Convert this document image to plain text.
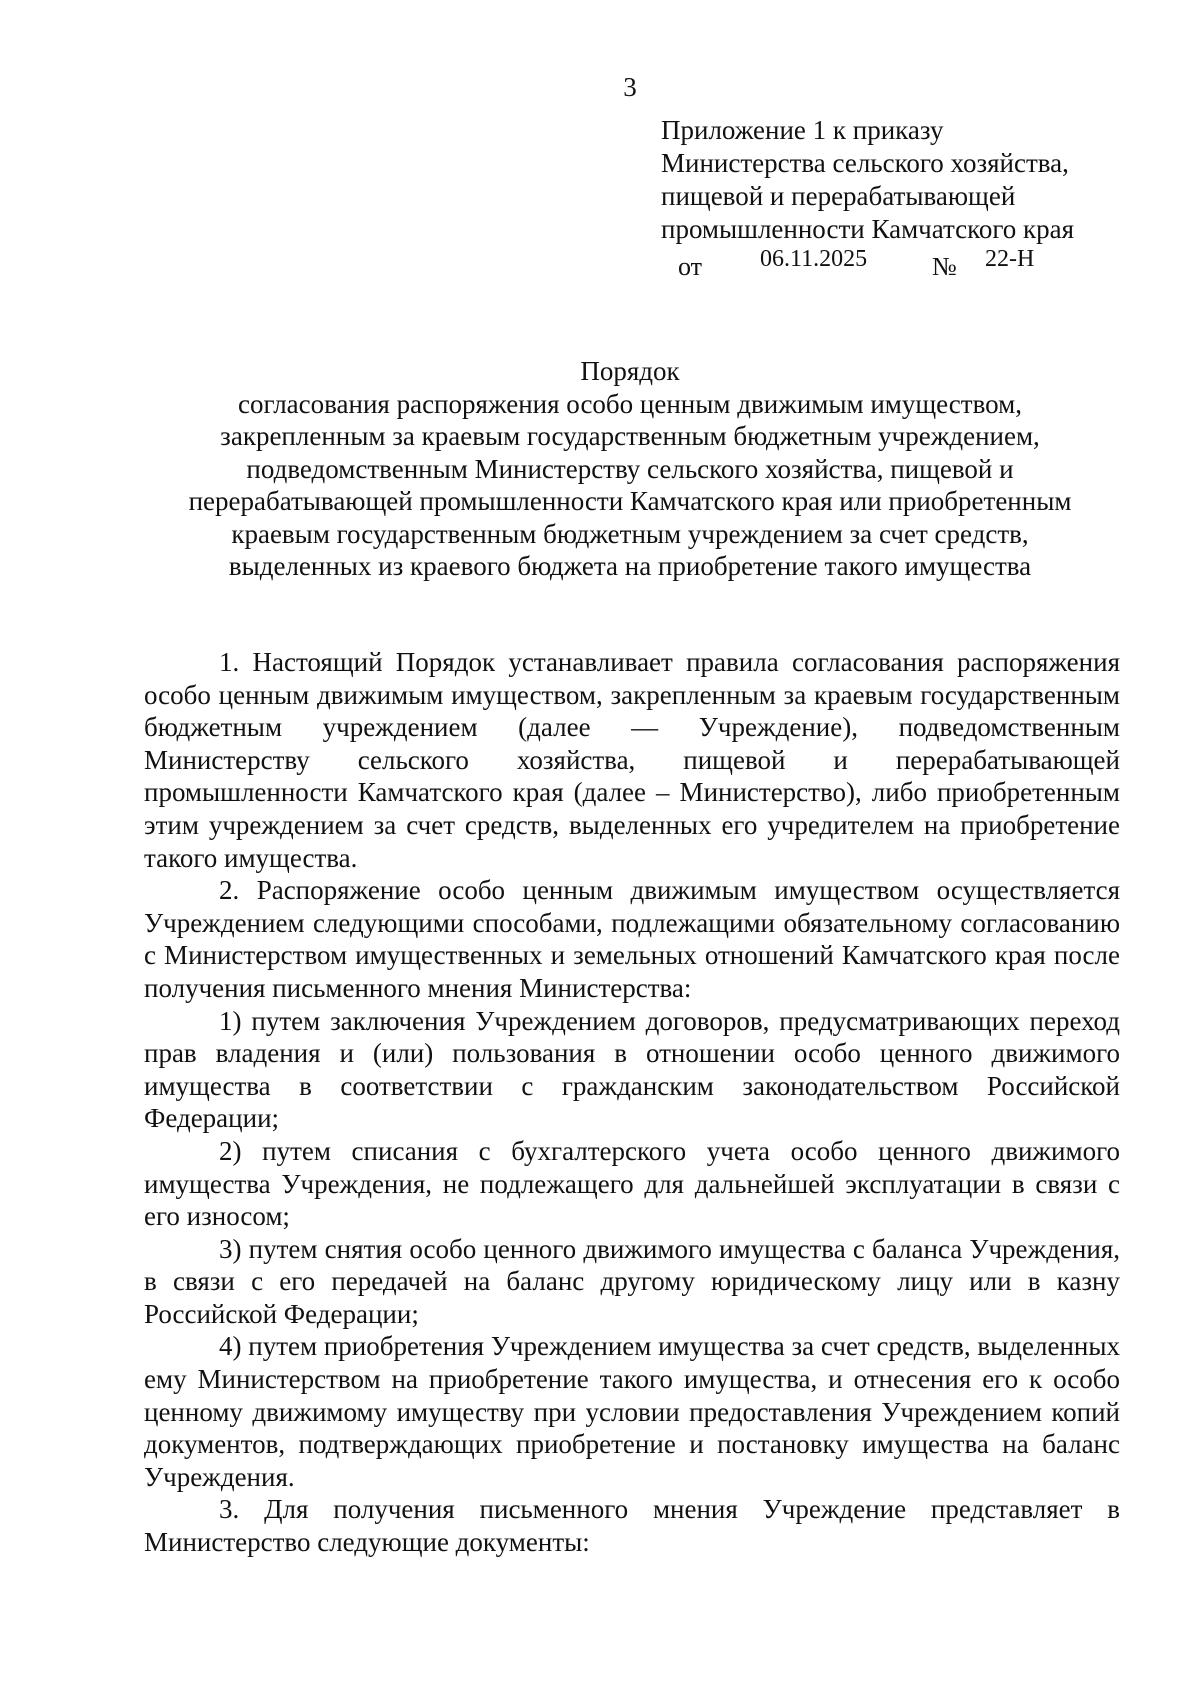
3
Приложение 1 к приказу
Министерства сельского хозяйства,
пищевой и перерабатывающей
промышленности Камчатского края
от 06.11.2025 № 22-Н
Порядок
согласования распоряжения особо ценным движимым имуществом,
закрепленным за краевым государственным бюджетным учреждением,
подведомственным Министерству сельского хозяйства, пищевой и
перерабатывающей промышленности Камчатского края или приобретенным
краевым государственным бюджетным учреждением за счет средств,
выделенных из краевого бюджета на приобретение такого имущества

1. Настоящий Порядок устанавливает правила согласования распоряжения особо ценным движимым имуществом, закрепленным за краевым государственным бюджетным учреждением (далее — Учреждение), подведомственным Министерству сельского хозяйства, пищевой и перерабатывающей промышленности Камчатского края (далее – Министерство), либо приобретенным этим учреждением за счет средств, выделенных его учредителем на приобретение такого имущества.

2. Распоряжение особо ценным движимым имуществом осуществляется Учреждением следующими способами, подлежащими обязательному согласованию с Министерством имущественных и земельных отношений Камчатского края после получения письменного мнения Министерства:

1) путем заключения Учреждением договоров, предусматривающих переход прав владения и (или) пользования в отношении особо ценного движимого имущества в соответствии с гражданским законодательством Российской Федерации;

2) путем списания с бухгалтерского учета особо ценного движимого имущества Учреждения, не подлежащего для дальнейшей эксплуатации в связи с его износом;

3) путем снятия особо ценного движимого имущества с баланса Учреждения, в связи с его передачей на баланс другому юридическому лицу или в казну Российской Федерации;

4) путем приобретения Учреждением имущества за счет средств, выделенных ему Министерством на приобретение такого имущества, и отнесения его к особо ценному движимому имуществу при условии предоставления Учреждением копий документов, подтверждающих приобретение и постановку имущества на баланс Учреждения.

3. Для получения письменного мнения Учреждение представляет в Министерство следующие документы:
